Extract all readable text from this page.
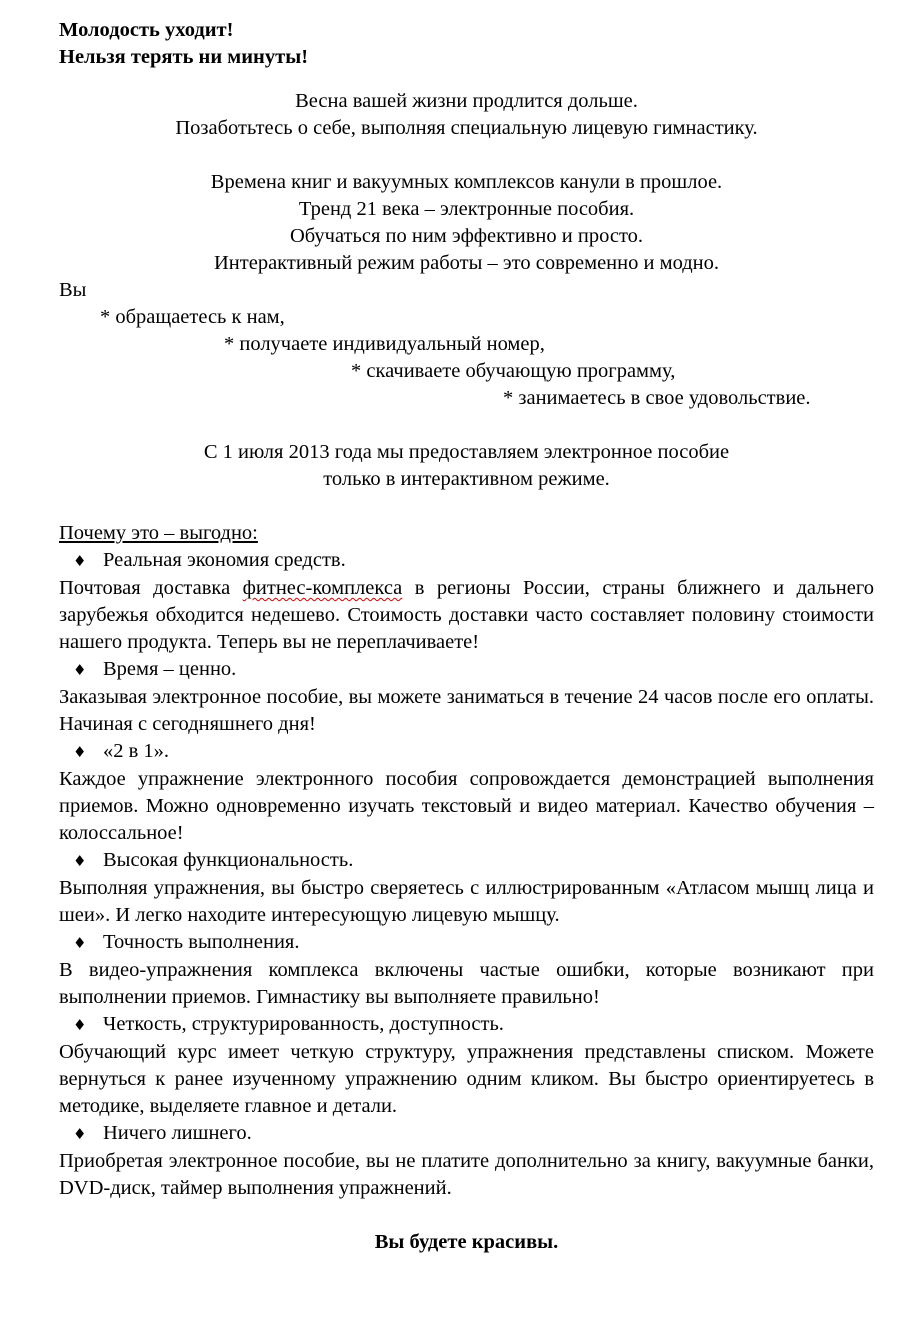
Молодость уходит!

Нельзя терять ни минуты!

Весна вашей жизни продлится дольше.

Позаботьтесь о себе, выполняя специальную лицевую гимнастику.

Времена книг и вакуумных комплексов канули в прошлое.

Тренд 21 века – электронные пособия.

Обучаться по ним эффективно и просто.

Интерактивный режим работы – это современно и модно.

Вы

* обращаетесь к нам,

* получаете индивидуальный номер,

* скачиваете обучающую программу,

* занимаетесь в свое удовольствие.

С 1 июля 2013 года мы предоставляем электронное пособие

только в интерактивном режиме.

Почему это – выгодно:

♦ Реальная экономия средств.

Почтовая доставка фитнес-комплекса в регионы России, страны ближнего и дальнего зарубежья обходится недешево. Стоимость доставки часто составляет половину стоимости нашего продукта. Теперь вы не переплачиваете!

♦ Время – ценно.

Заказывая электронное пособие, вы можете заниматься в течение 24 часов после его оплаты. Начиная с сегодняшнего дня!

♦ «2 в 1».

Каждое упражнение электронного пособия сопровождается демонстрацией выполнения приемов. Можно одновременно изучать текстовый и видео материал. Качество обучения – колоссальное!

♦ Высокая функциональность.

Выполняя упражнения, вы быстро сверяетесь с иллюстрированным «Атласом мышц лица и шеи». И легко находите интересующую лицевую мышцу.

♦ Точность выполнения.

В видео-упражнения комплекса включены частые ошибки, которые возникают при выполнении приемов. Гимнастику вы выполняете правильно!

♦ Четкость, структурированность, доступность.

Обучающий курс имеет четкую структуру, упражнения представлены списком. Можете вернуться к ранее изученному упражнению одним кликом. Вы быстро ориентируетесь в методике, выделяете главное и детали.

♦ Ничего лишнего.

Приобретая электронное пособие, вы не платите дополнительно за книгу, вакуумные банки, DVD-диск, таймер выполнения упражнений.

Вы будете красивы.
